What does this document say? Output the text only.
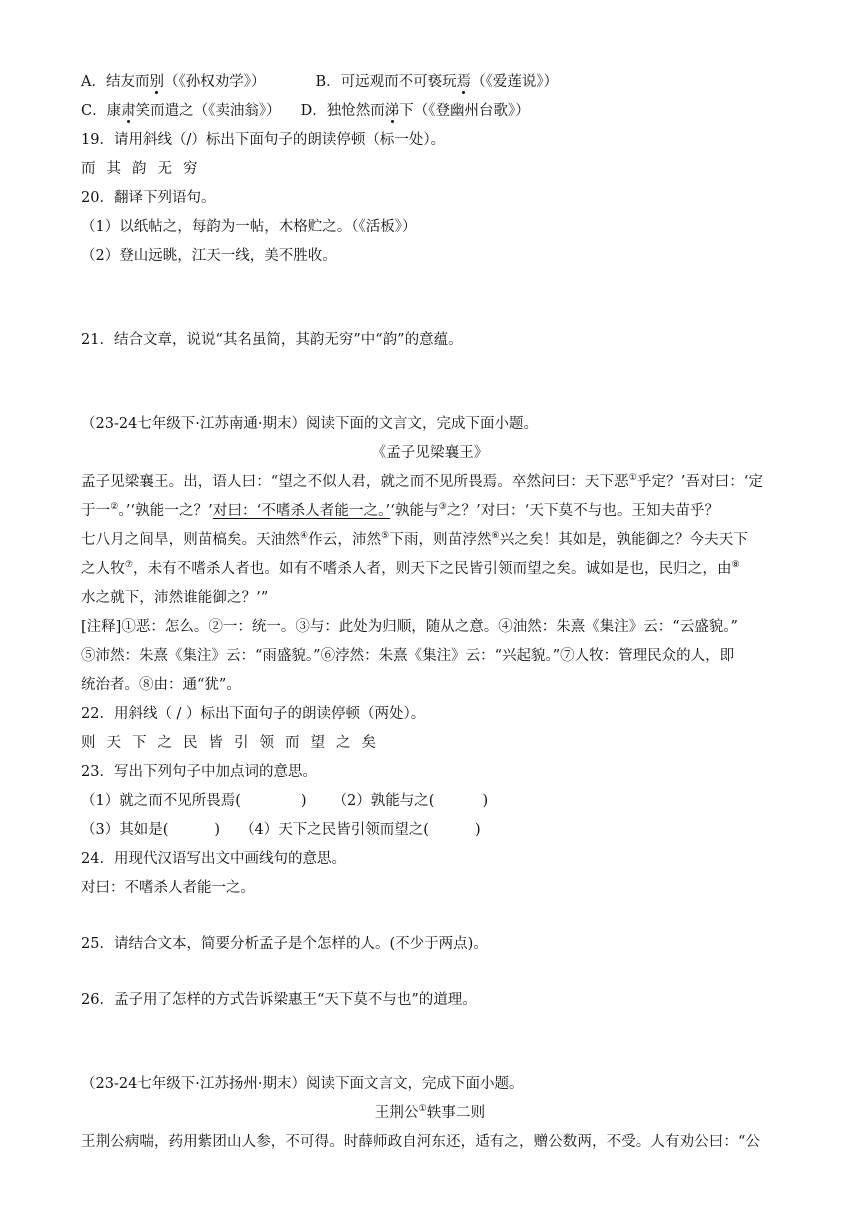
A．结友而别（《孙权劝学》）	B．可远观而不可亵玩焉（《爱莲说》）
C．康肃笑而遣之（《卖油翁》） D．独怆然而涕下（《登幽州台歌》）
19．请用斜线（/）标出下面句子的朗读停顿（标一处）。
而其韵无穷
20．翻译下列语句。
（1）以纸帖之，每韵为一帖，木格贮之。（《活板》）
（2）登山远眺，江天一线，美不胜收。
21．结合文章，说说“其名虽简，其韵无穷”中“韵”的意蕴。
（23-24七年级下·江苏南通·期末）阅读下面的文言文，完成下面小题。
《孟子见梁襄王》
孟子见梁襄王。出，语人曰：“望之不似人君，就之而不见所畏焉。卒然问曰：天下恶①乎定？’吾对曰：‘定
于一②。’‘孰能一之？’对曰：‘不嗜杀人者能一之。’‘孰能与③之？’对曰：‘天下莫不与也。王知夫苗乎？
七八月之间旱，则苗槁矣。天油然④作云，沛然⑤下雨，则苗浡然⑥兴之矣！其如是，孰能御之？今夫天下
之人牧⑦，未有不嗜杀人者也。如有不嗜杀人者，则天下之民皆引领而望之矣。诚如是也，民归之，由⑧
水之就下，沛然谁能御之？’”
[注释]①恶：怎么。②一：统一。③与：此处为归顺，随从之意。④油然：朱熹《集注》云：“云盛貌。”
⑤沛然：朱熹《集注》云：“雨盛貌。”⑥浡然：朱熹《集注》云：“兴起貌。”⑦人牧：管理民众的人，即
统治者。⑧由：通“犹”。
22．用斜线（ / ）标出下面句子的朗读停顿（两处）。
则天下之民皆引领而望之矣
23．写出下列句子中加点词的意思。
（1）就之而不见所畏焉(	) （2）孰能与之(	)
（3）其如是(	) （4）天下之民皆引领而望之(	)
24．用现代汉语写出文中画线句的意思。
对曰：不嗜杀人者能一之。
25．请结合文本，简要分析孟子是个怎样的人。(不少于两点)。
26．孟子用了怎样的方式告诉梁惠王“天下莫不与也”的道理。
（23-24七年级下·江苏扬州·期末）阅读下面文言文，完成下面小题。
王荆公①轶事二则
王荆公病喘，药用紫团山人参，不可得。时薛师政自河东还，适有之，赠公数两，不受。人有劝公曰：“公
